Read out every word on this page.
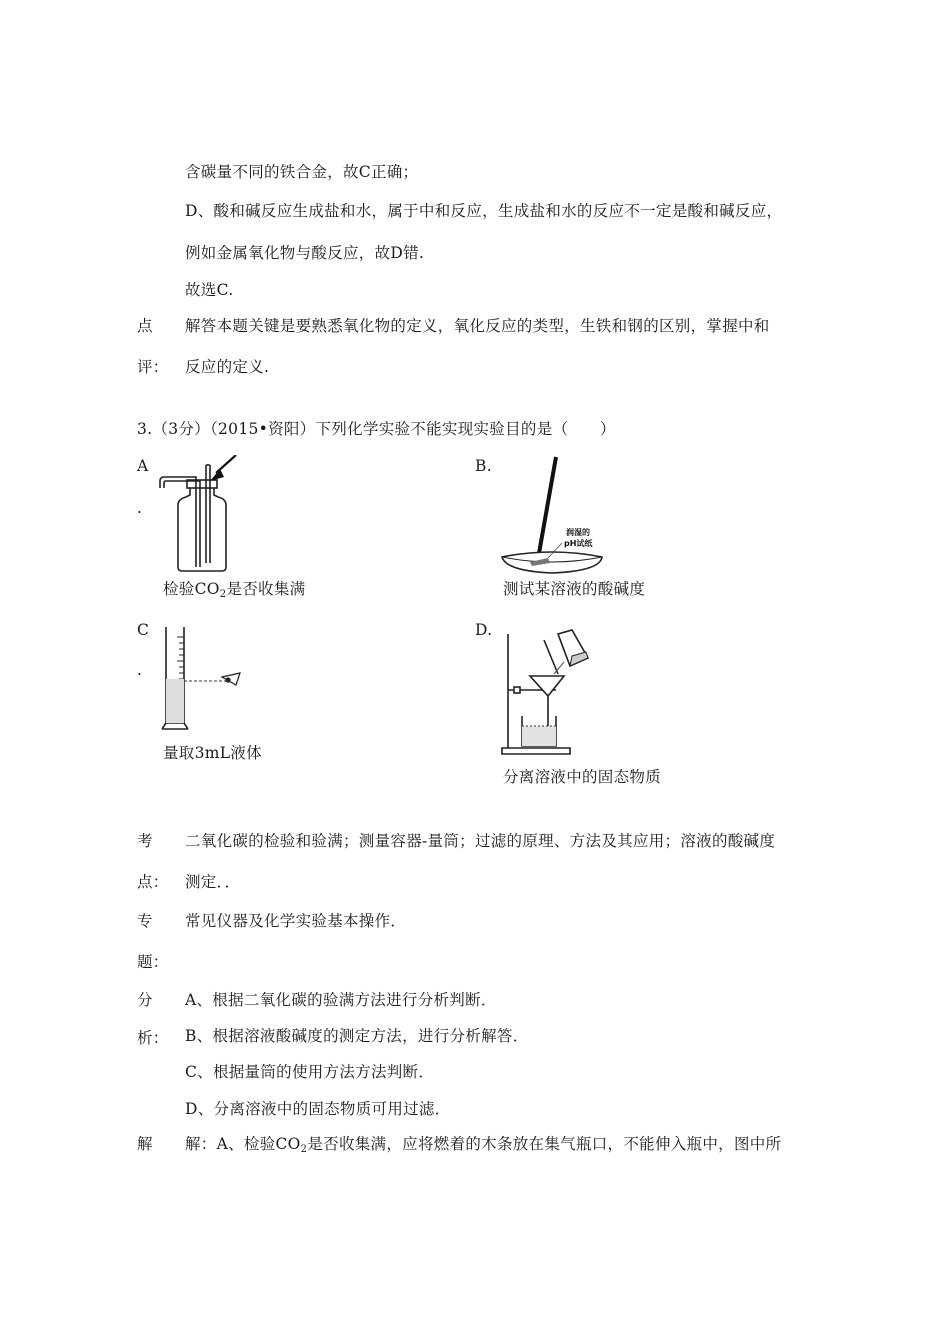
含碳量不同的铁合金，故C正确；
D、酸和碱反应生成盐和水，属于中和反应，生成盐和水的反应不一定是酸和碱反应，
例如金属氧化物与酸反应，故D错.
故选C.
点 解答本题关键是要熟悉氧化物的定义，氧化反应的类型，生铁和钢的区别，掌握中和
评： 反应的定义.
3.（3分）（2015•资阳）下列化学实验不能实现实验目的是（　　）
A
.
检验$CO_2$是否收集满
B.
润湿的
pH试纸
测试某溶液的酸碱度
C
.
量取3mL液体
D.
分离溶液中的固态物质
考 二氧化碳的检验和验满；测量容器-量筒；过滤的原理、方法及其应用；溶液的酸碱度
点： 测定．．
专 常见仪器及化学实验基本操作．
题：
分 A、根据二氧化碳的验满方法进行分析判断．
析： B、根据溶液酸碱度的测定方法，进行分析解答．
C、根据量筒的使用方法方法判断．
D、分离溶液中的固态物质可用过滤．
解 解：A、检验$CO_2$是否收集满，应将燃着的木条放在集气瓶口，不能伸入瓶中，图中所
